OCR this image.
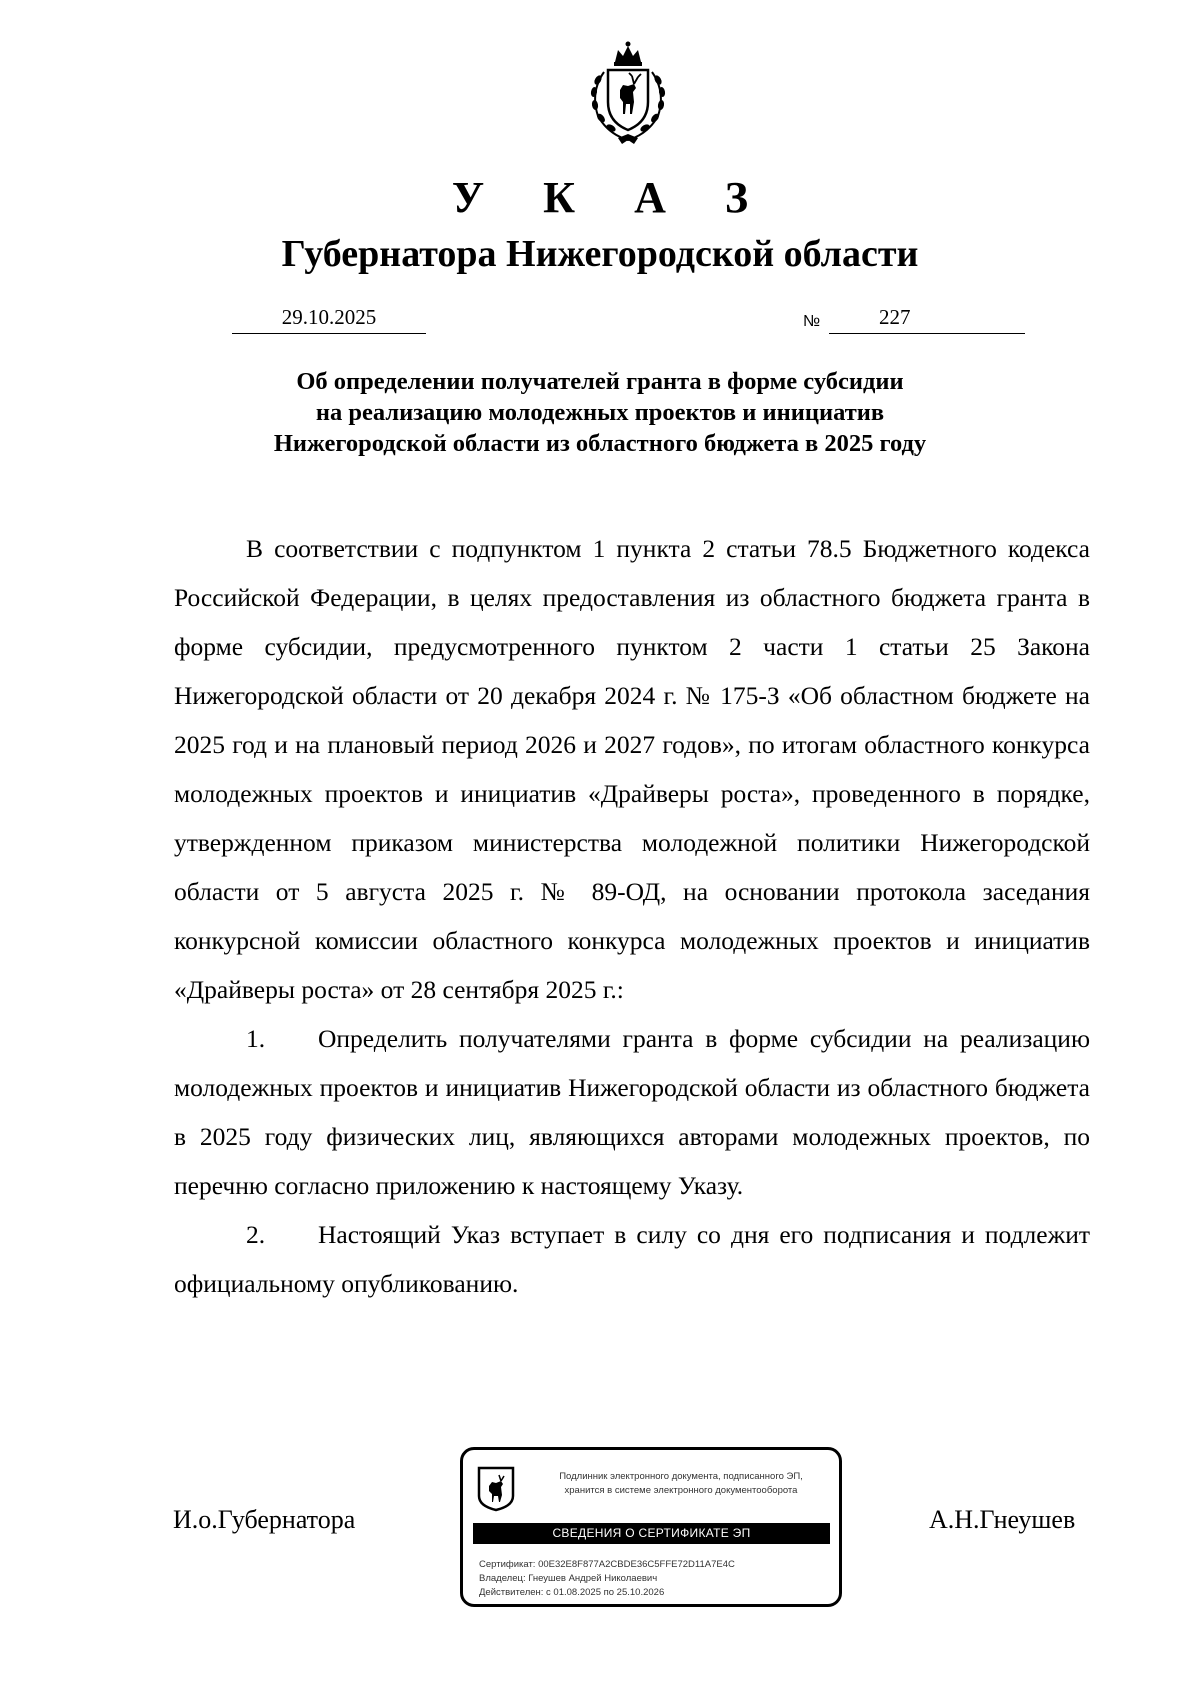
У К А З
Губернатора Нижегородской области
29.10.2025	№	227
Об определении получателей гранта в форме субсидии
на реализацию молодежных проектов и инициатив
Нижегородской области из областного бюджета в 2025 году

В соответствии с подпунктом 1 пункта 2 статьи 78.5 Бюджетного кодекса Российской Федерации, в целях предоставления из областного бюджета гранта в форме субсидии, предусмотренного пунктом 2 части 1 статьи 25 Закона Нижегородской области от 20 декабря 2024 г. № 175-З «Об областном бюджете на 2025 год и на плановый период 2026 и 2027 годов», по итогам областного конкурса молодежных проектов и инициатив «Драйверы роста», проведенного в порядке, утвержденном приказом министерства молодежной политики Нижегородской области от 5 августа 2025 г. № 89-ОД, на основании протокола заседания конкурсной комиссии областного конкурса молодежных проектов и инициатив «Драйверы роста» от 28 сентября 2025 г.:

1. Определить получателями гранта в форме субсидии на реализацию молодежных проектов и инициатив Нижегородской области из областного бюджета в 2025 году физических лиц, являющихся авторами молодежных проектов, по перечню согласно приложению к настоящему Указу.

2. Настоящий Указ вступает в силу со дня его подписания и подлежит официальному опубликованию.

И.о.Губернатора	А.Н.Гнеушев
Подлинник электронного документа, подписанного ЭП,
хранится в системе электронного документооборота
СВЕДЕНИЯ О СЕРТИФИКАТЕ ЭП
Сертификат: 00E32E8F877A2CBDE36C5FFE72D11A7E4C
Владелец: Гнеушев Андрей Николаевич
Действителен: с 01.08.2025 по 25.10.2026
